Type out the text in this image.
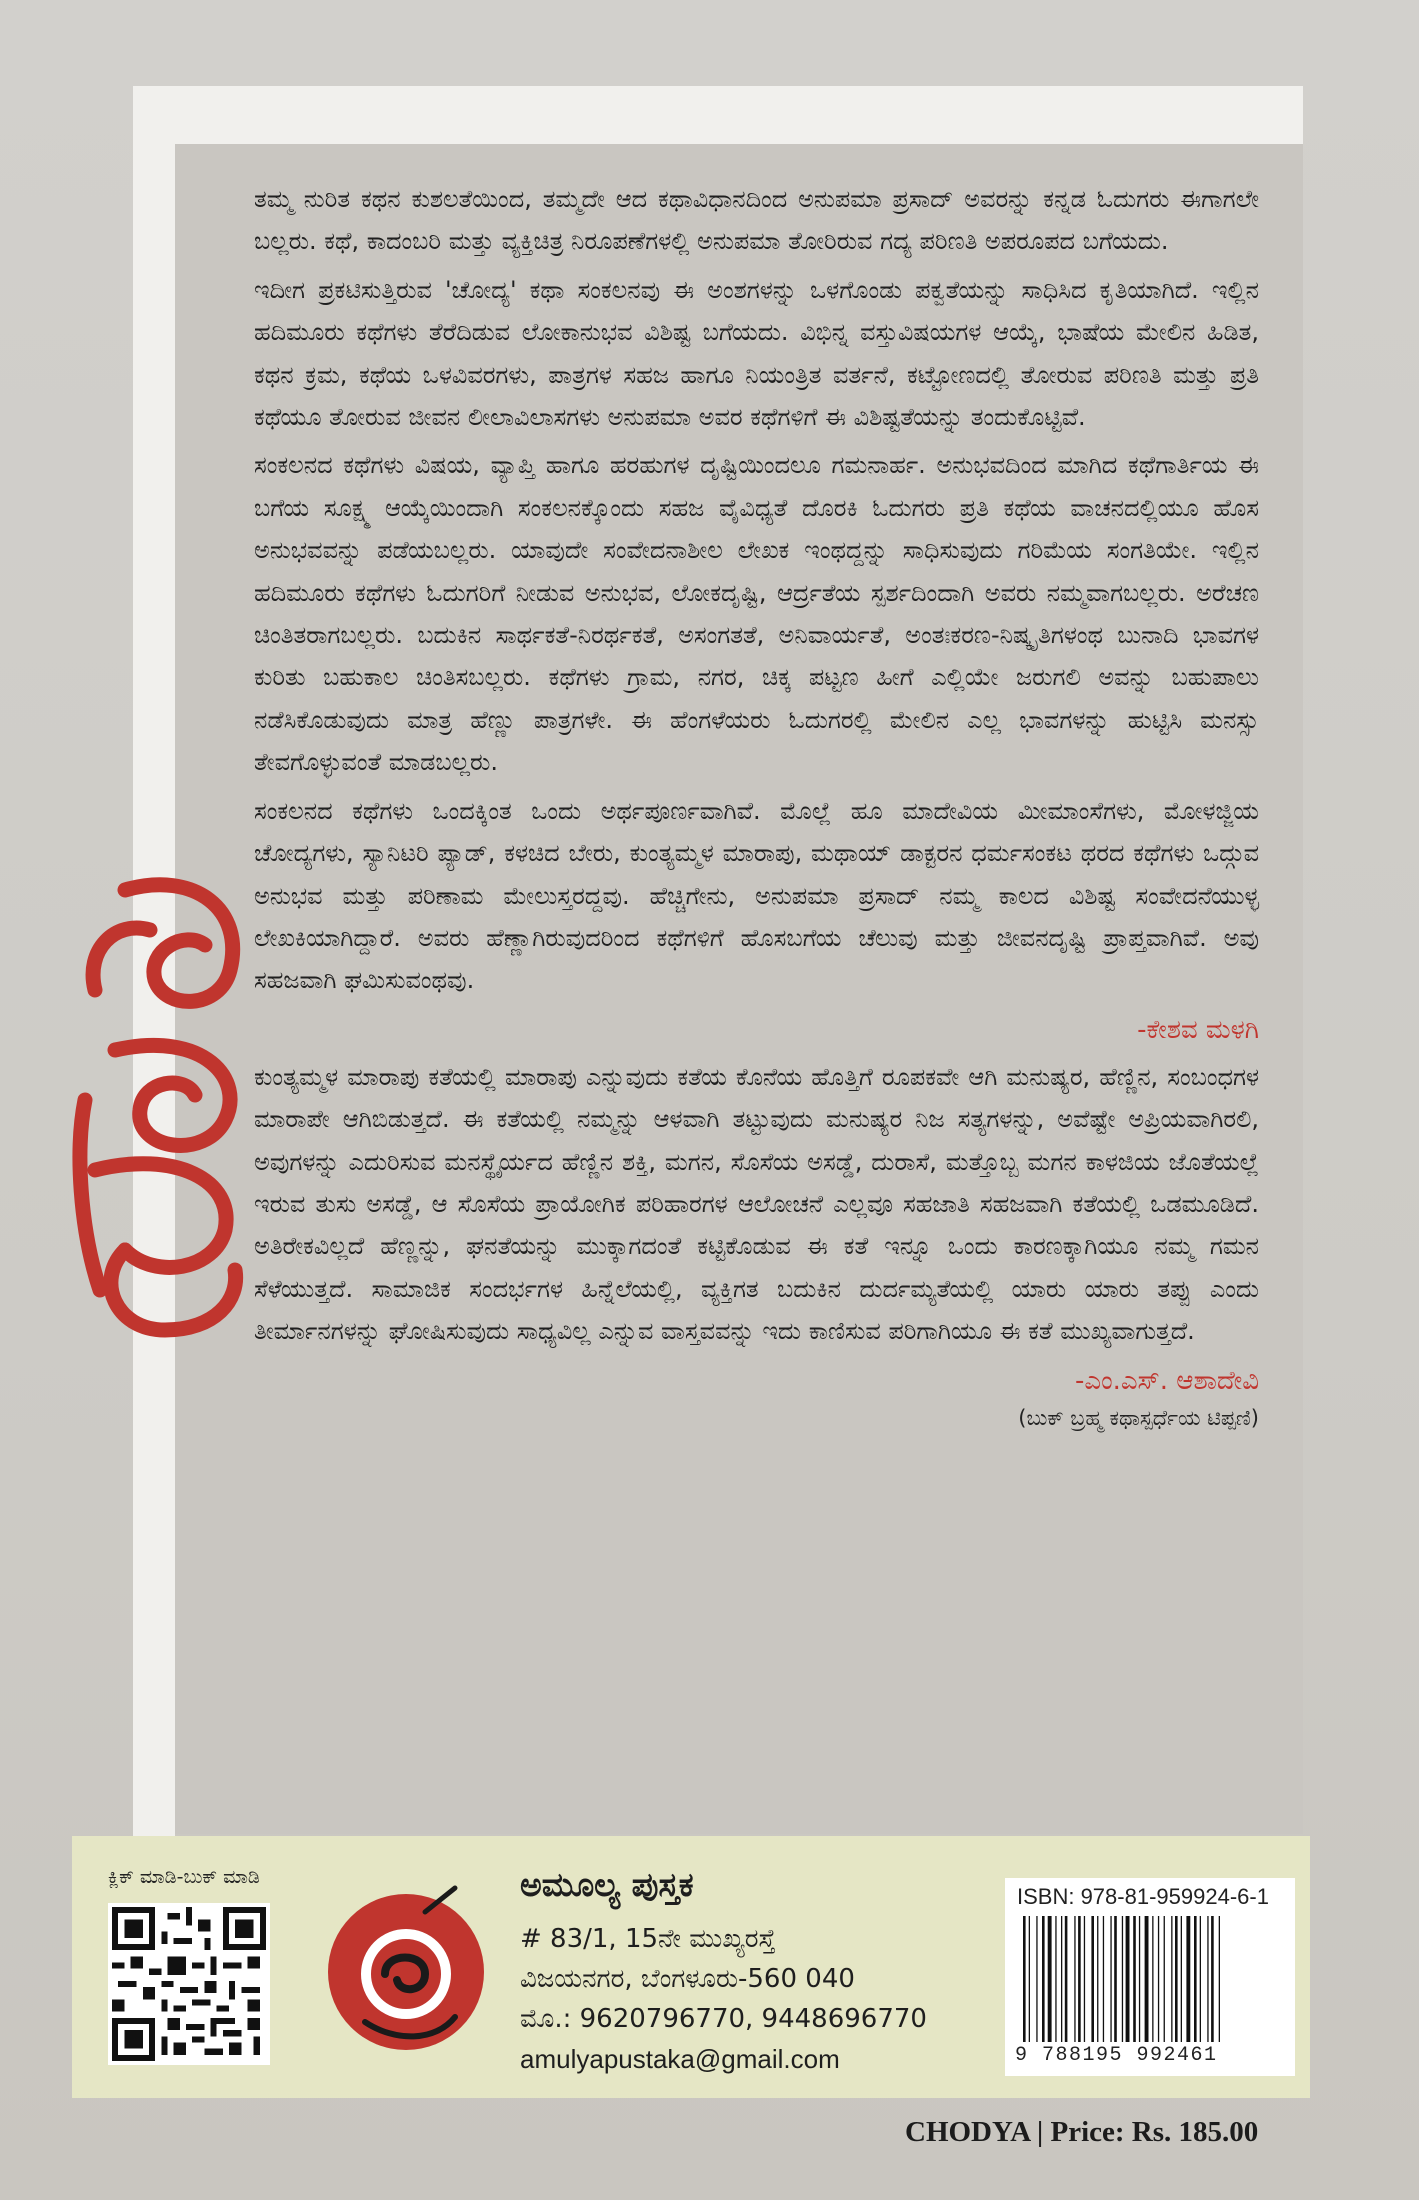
ಚೋದ್ಯ

ತಮ್ಮ ನುರಿತ ಕಥನ ಕುಶಲತೆಯಿಂದ, ತಮ್ಮದೇ ಆದ ಕಥಾವಿಧಾನದಿಂದ ಅನುಪಮಾ ಪ್ರಸಾದ್ ಅವರನ್ನು ಕನ್ನಡ ಓದುಗರು ಈಗಾಗಲೇ ಬಲ್ಲರು. ಕಥೆ, ಕಾದಂಬರಿ ಮತ್ತು ವ್ಯಕ್ತಿಚಿತ್ರ ನಿರೂಪಣೆಗಳಲ್ಲಿ ಅನುಪಮಾ ತೋರಿರುವ ಗದ್ಯ ಪರಿಣತಿ ಅಪರೂಪದ ಬಗೆಯದು.

ಇದೀಗ ಪ್ರಕಟಿಸುತ್ತಿರುವ 'ಚೋದ್ಯ' ಕಥಾ ಸಂಕಲನವು ಈ ಅಂಶಗಳನ್ನು ಒಳಗೊಂಡು ಪಕ್ವತೆಯನ್ನು ಸಾಧಿಸಿದ ಕೃತಿಯಾಗಿದೆ. ಇಲ್ಲಿನ ಹದಿಮೂರು ಕಥೆಗಳು ತೆರೆದಿಡುವ ಲೋಕಾನುಭವ ವಿಶಿಷ್ಟ ಬಗೆಯದು. ವಿಭಿನ್ನ ವಸ್ತುವಿಷಯಗಳ ಆಯ್ಕೆ, ಭಾಷೆಯ ಮೇಲಿನ ಹಿಡಿತ, ಕಥನ ಕ್ರಮ, ಕಥೆಯ ಒಳವಿವರಗಳು, ಪಾತ್ರಗಳ ಸಹಜ ಹಾಗೂ ನಿಯಂತ್ರಿತ ವರ್ತನೆ, ಕಟ್ಟೋಣದಲ್ಲಿ ತೋರುವ ಪರಿಣತಿ ಮತ್ತು ಪ್ರತಿ ಕಥೆಯೂ ತೋರುವ ಜೀವನ ಲೀಲಾವಿಲಾಸಗಳು ಅನುಪಮಾ ಅವರ ಕಥೆಗಳಿಗೆ ಈ ವಿಶಿಷ್ಟತೆಯನ್ನು ತಂದುಕೊಟ್ಟಿವೆ.

ಸಂಕಲನದ ಕಥೆಗಳು ವಿಷಯ, ವ್ಯಾಪ್ತಿ ಹಾಗೂ ಹರಹುಗಳ ದೃಷ್ಟಿಯಿಂದಲೂ ಗಮನಾರ್ಹ. ಅನುಭವದಿಂದ ಮಾಗಿದ ಕಥೆಗಾರ್ತಿಯ ಈ ಬಗೆಯ ಸೂಕ್ಷ್ಮ ಆಯ್ಕೆಯಿಂದಾಗಿ ಸಂಕಲನಕ್ಕೊಂದು ಸಹಜ ವೈವಿಧ್ಯತೆ ದೊರಕಿ ಓದುಗರು ಪ್ರತಿ ಕಥೆಯ ವಾಚನದಲ್ಲಿಯೂ ಹೊಸ ಅನುಭವವನ್ನು ಪಡೆಯಬಲ್ಲರು. ಯಾವುದೇ ಸಂವೇದನಾಶೀಲ ಲೇಖಕ ಇಂಥದ್ದನ್ನು ಸಾಧಿಸುವುದು ಗರಿಮೆಯ ಸಂಗತಿಯೇ. ಇಲ್ಲಿನ ಹದಿಮೂರು ಕಥೆಗಳು ಓದುಗರಿಗೆ ನೀಡುವ ಅನುಭವ, ಲೋಕದೃಷ್ಟಿ, ಆರ್ದ್ರತೆಯ ಸ್ಪರ್ಶದಿಂದಾಗಿ ಅವರು ನಮ್ಮವಾಗಬಲ್ಲರು. ಅರೆಚಣ ಚಿಂತಿತರಾಗಬಲ್ಲರು. ಬದುಕಿನ ಸಾರ್ಥಕತೆ-ನಿರರ್ಥಕತೆ, ಅಸಂಗತತೆ, ಅನಿವಾರ್ಯತೆ, ಅಂತಃಕರಣ-ನಿಷ್ಕೃತಿಗಳಂಥ ಬುನಾದಿ ಭಾವಗಳ ಕುರಿತು ಬಹುಕಾಲ ಚಿಂತಿಸಬಲ್ಲರು. ಕಥೆಗಳು ಗ್ರಾಮ, ನಗರ, ಚಿಕ್ಕ ಪಟ್ಟಣ ಹೀಗೆ ಎಲ್ಲಿಯೇ ಜರುಗಲಿ ಅವನ್ನು ಬಹುಪಾಲು ನಡೆಸಿಕೊಡುವುದು ಮಾತ್ರ ಹೆಣ್ಣು ಪಾತ್ರಗಳೇ. ಈ ಹೆಂಗಳೆಯರು ಓದುಗರಲ್ಲಿ ಮೇಲಿನ ಎಲ್ಲ ಭಾವಗಳನ್ನು ಹುಟ್ಟಿಸಿ ಮನಸ್ಸು ತೇವಗೊಳ್ಳುವಂತೆ ಮಾಡಬಲ್ಲರು.

ಸಂಕಲನದ ಕಥೆಗಳು ಒಂದಕ್ಕಿಂತ ಒಂದು ಅರ್ಥಪೂರ್ಣವಾಗಿವೆ. ಮೊಲ್ಲೆ ಹೂ ಮಾದೇವಿಯ ಮೀಮಾಂಸೆಗಳು, ಮೋಳಜ್ಜಿಯ ಚೋದ್ಯಗಳು, ಸ್ಯಾನಿಟರಿ ಪ್ಯಾಡ್, ಕಳಚಿದ ಬೇರು, ಕುಂತ್ಯಮ್ಮಳ ಮಾರಾಪು, ಮಥಾಯ್ ಡಾಕ್ಟರನ ಧರ್ಮಸಂಕಟ ಥರದ ಕಥೆಗಳು ಒದ್ಗುವ ಅನುಭವ ಮತ್ತು ಪರಿಣಾಮ ಮೇಲುಸ್ತರದ್ದವು. ಹೆಚ್ಚಿಗೇನು, ಅನುಪಮಾ ಪ್ರಸಾದ್ ನಮ್ಮ ಕಾಲದ ವಿಶಿಷ್ಟ ಸಂವೇದನೆಯುಳ್ಳ ಲೇಖಕಿಯಾಗಿದ್ದಾರೆ. ಅವರು ಹೆಣ್ಣಾಗಿರುವುದರಿಂದ ಕಥೆಗಳಿಗೆ ಹೊಸಬಗೆಯ ಚೆಲುವು ಮತ್ತು ಜೀವನದೃಷ್ಟಿ ಪ್ರಾಪ್ತವಾಗಿವೆ. ಅವು ಸಹಜವಾಗಿ ಘಮಿಸುವಂಥವು.

-ಕೇಶವ ಮಳಗಿ

ಕುಂತ್ಯಮ್ಮಳ ಮಾರಾಪು ಕತೆಯಲ್ಲಿ ಮಾರಾಪು ಎನ್ನುವುದು ಕತೆಯ ಕೊನೆಯ ಹೊತ್ತಿಗೆ ರೂಪಕವೇ ಆಗಿ ಮನುಷ್ಯರ, ಹೆಣ್ಣಿನ, ಸಂಬಂಧಗಳ ಮಾರಾಪೇ ಆಗಿಬಿಡುತ್ತದೆ. ಈ ಕತೆಯಲ್ಲಿ ನಮ್ಮನ್ನು ಆಳವಾಗಿ ತಟ್ಟುವುದು ಮನುಷ್ಯರ ನಿಜ ಸತ್ಯಗಳನ್ನು, ಅವೆಷ್ಟೇ ಅಪ್ರಿಯವಾಗಿರಲಿ, ಅವುಗಳನ್ನು ಎದುರಿಸುವ ಮನಸ್ಥೈರ್ಯದ ಹೆಣ್ಣಿನ ಶಕ್ತಿ, ಮಗನ, ಸೊಸೆಯ ಅಸಡ್ಡೆ, ದುರಾಸೆ, ಮತ್ತೊಬ್ಬ ಮಗನ ಕಾಳಜಿಯ ಜೊತೆಯಲ್ಲೆ ಇರುವ ತುಸು ಅಸಡ್ಡೆ, ಆ ಸೊಸೆಯ ಪ್ರಾಯೋಗಿಕ ಪರಿಹಾರಗಳ ಆಲೋಚನೆ ಎಲ್ಲವೂ ಸಹಜಾತಿ ಸಹಜವಾಗಿ ಕತೆಯಲ್ಲಿ ಒಡಮೂಡಿದೆ. ಅತಿರೇಕವಿಲ್ಲದೆ ಹೆಣ್ಣನ್ನು, ಘನತೆಯನ್ನು ಮುಕ್ಕಾಗದಂತೆ ಕಟ್ಟಿಕೊಡುವ ಈ ಕತೆ ಇನ್ನೂ ಒಂದು ಕಾರಣಕ್ಕಾಗಿಯೂ ನಮ್ಮ ಗಮನ ಸೆಳೆಯುತ್ತದೆ. ಸಾಮಾಜಿಕ ಸಂದರ್ಭಗಳ ಹಿನ್ನೆಲೆಯಲ್ಲಿ, ವ್ಯಕ್ತಿಗತ ಬದುಕಿನ ದುರ್ದಮ್ಯತೆಯಲ್ಲಿ ಯಾರು ಯಾರು ತಪ್ಪು ಎಂದು ತೀರ್ಮಾನಗಳನ್ನು ಘೋಷಿಸುವುದು ಸಾಧ್ಯವಿಲ್ಲ ಎನ್ನುವ ವಾಸ್ತವವನ್ನು ಇದು ಕಾಣಿಸುವ ಪರಿಗಾಗಿಯೂ ಈ ಕತೆ ಮುಖ್ಯವಾಗುತ್ತದೆ.

-ಎಂ.ಎಸ್. ಆಶಾದೇವಿ
(ಬುಕ್ ಬ್ರಹ್ಮ ಕಥಾಸ್ಪರ್ಧೆಯ ಟಿಪ್ಪಣಿ)
ಕ್ಲಿಕ್ ಮಾಡಿ-ಬುಕ್ ಮಾಡಿ	ಅಮೂಲ್ಯ ಪುಸ್ತಕ
# 83/1, 15ನೇ ಮುಖ್ಯರಸ್ತೆ
ವಿಜಯನಗರ, ಬೆಂಗಳೂರು-560 040
ಮೊ.: 9620796770, 9448696770
amulyapustaka@gmail.com
ISBN: 978-81-959924-6-1
9 788195 992461
CHODYA | Price: Rs. 185.00
